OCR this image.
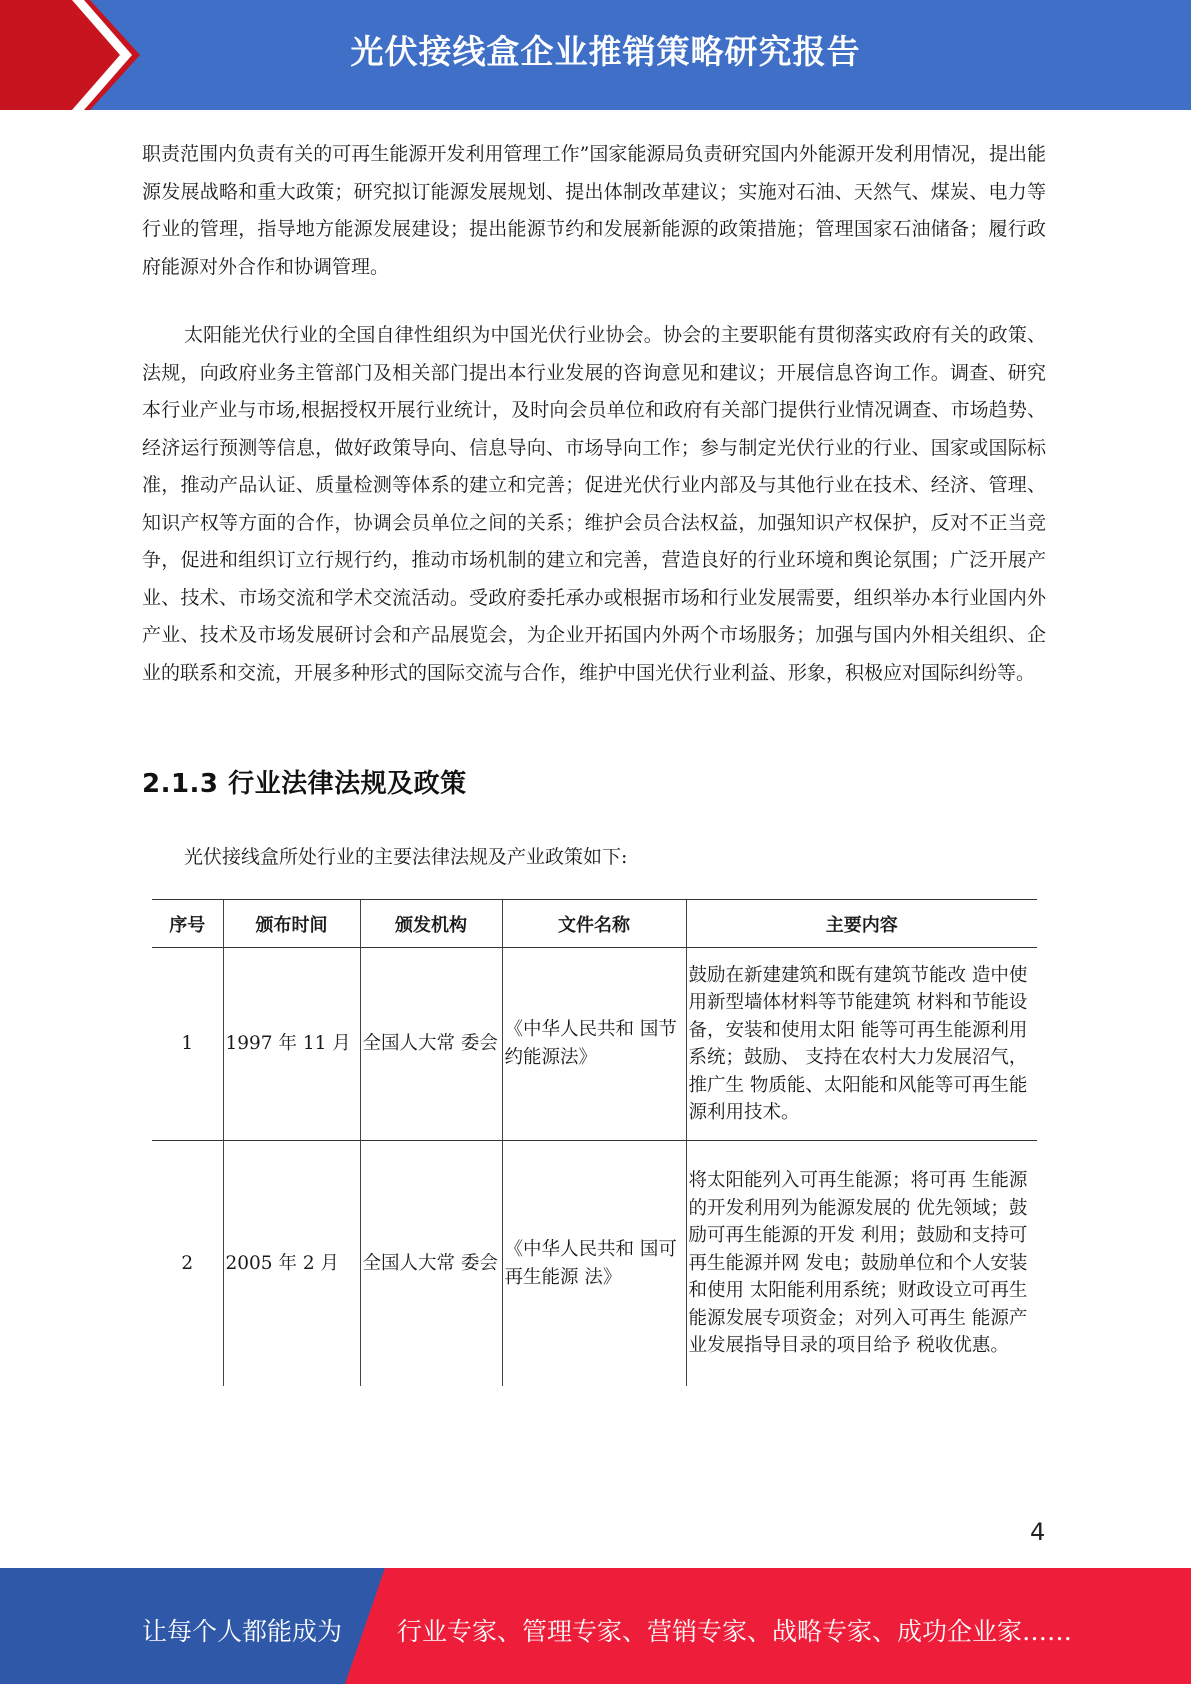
光伏接线盒企业推销策略研究报告

职责范围内负责有关的可再生能源开发利用管理工作”国家能源局负责研究国内外能源开发利用情况，提出能源发展战略和重大政策；研究拟订能源发展规划、提出体制改革建议；实施对石油、天然气、煤炭、电力等行业的管理，指导地方能源发展建设；提出能源节约和发展新能源的政策措施；管理国家石油储备；履行政府能源对外合作和协调管理。

太阳能光伏行业的全国自律性组织为中国光伏行业协会。协会的主要职能有贯彻落实政府有关的政策、法规，向政府业务主管部门及相关部门提出本行业发展的咨询意见和建议；开展信息咨询工作。调查、研究本行业产业与市场,根据授权开展行业统计，及时向会员单位和政府有关部门提供行业情况调查、市场趋势、经济运行预测等信息，做好政策导向、信息导向、市场导向工作；参与制定光伏行业的行业、国家或国际标准，推动产品认证、质量检测等体系的建立和完善；促进光伏行业内部及与其他行业在技术、经济、管理、知识产权等方面的合作，协调会员单位之间的关系；维护会员合法权益，加强知识产权保护，反对不正当竞争，促进和组织订立行规行约，推动市场机制的建立和完善，营造良好的行业环境和舆论氛围；广泛开展产业、技术、市场交流和学术交流活动。受政府委托承办或根据市场和行业发展需要，组织举办本行业国内外产业、技术及市场发展研讨会和产品展览会，为企业开拓国内外两个市场服务；加强与国内外相关组织、企业的联系和交流，开展多种形式的国际交流与合作，维护中国光伏行业利益、形象，积极应对国际纠纷等。

2.1.3 行业法律法规及政策

光伏接线盒所处行业的主要法律法规及产业政策如下:

序号	颁布时间	颁发机构	文件名称	主要内容
1	1997 年 11 月	全国人大常 委会	《中华人民共和 国节约能源法》	鼓励在新建建筑和既有建筑节能改 造中使用新型墙体材料等节能建筑 材料和节能设备，安装和使用太阳 能等可再生能源利用系统；鼓励、 支持在农村大力发展沼气，推广生 物质能、太阳能和风能等可再生能 源利用技术。
2	2005 年 2 月	全国人大常 委会	《中华人民共和 国可再生能源 法》	将太阳能列入可再生能源；将可再 生能源的开发利用列为能源发展的 优先领域；鼓励可再生能源的开发 利用；鼓励和支持可再生能源并网 发电；鼓励单位和个人安装和使用 太阳能利用系统；财政设立可再生 能源发展专项资金；对列入可再生 能源产业发展指导目录的项目给予 税收优惠。
4
让每个人都能成为 行业专家、管理专家、营销专家、战略专家、成功企业家……
